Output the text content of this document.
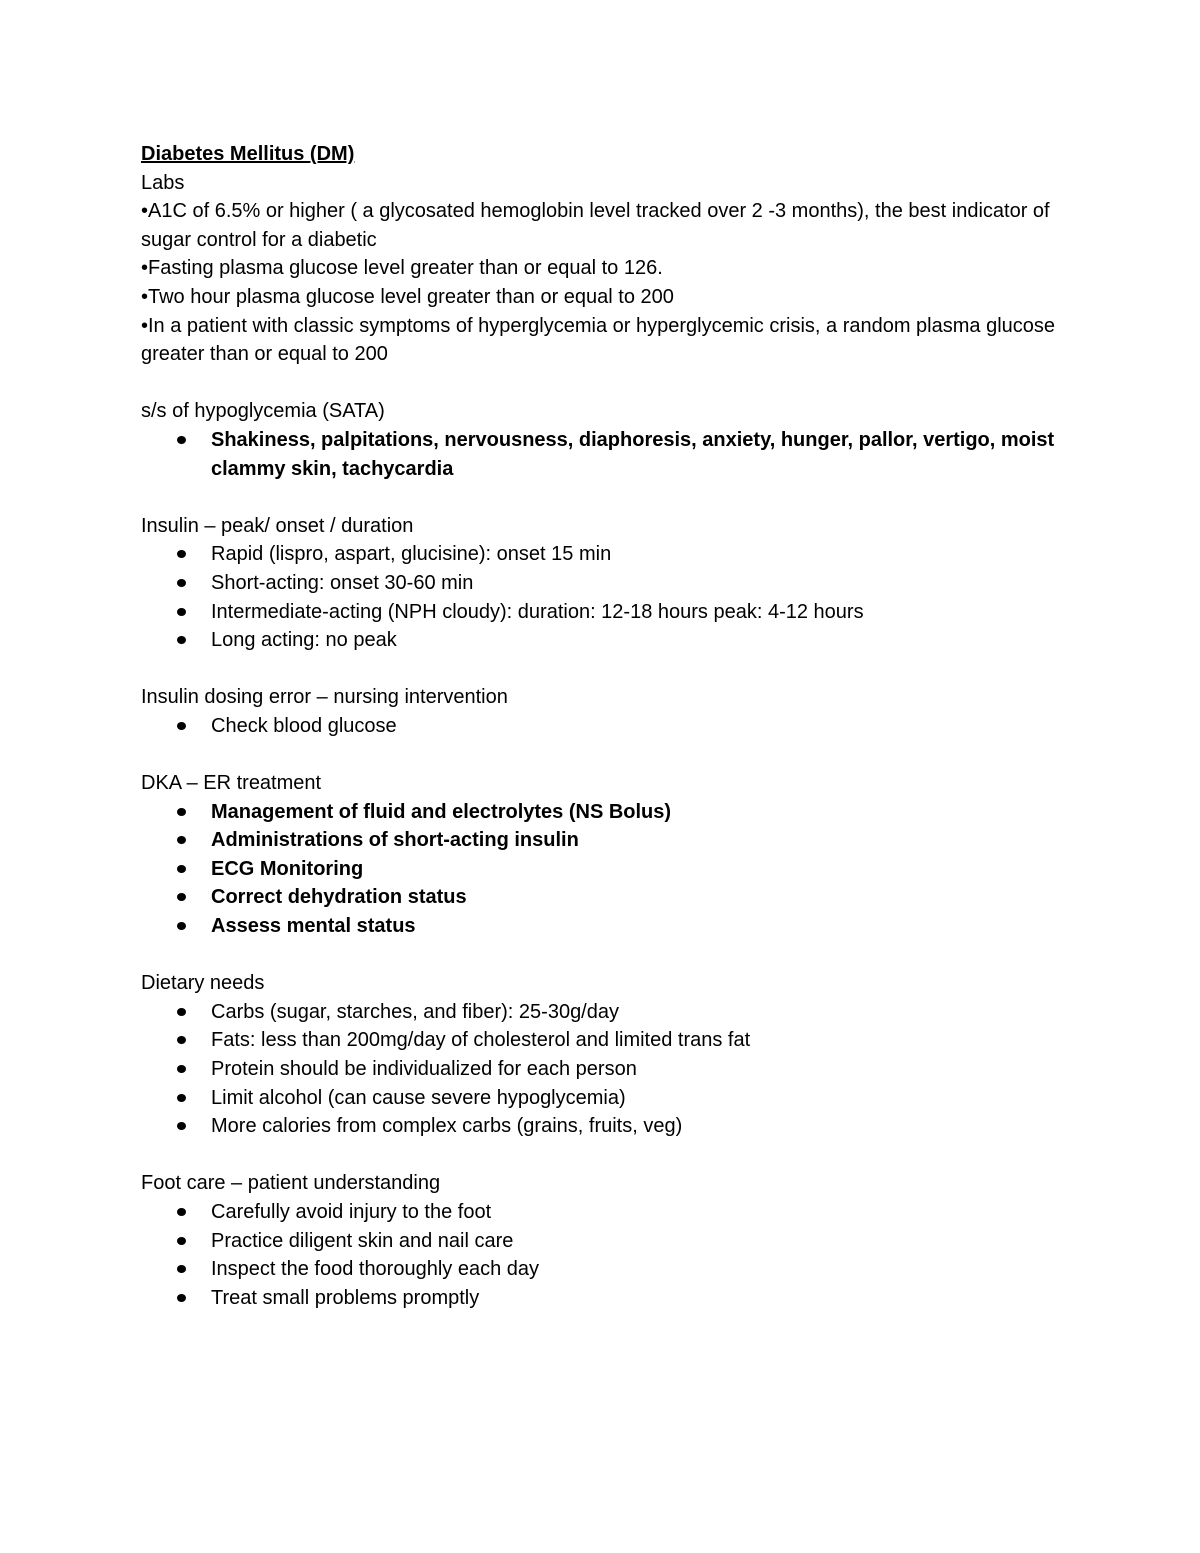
Diabetes Mellitus (DM)

Labs

•A1C of 6.5% or higher ( a glycosated hemoglobin level tracked over 2 -3 months), the best indicator of sugar control for a diabetic

•Fasting plasma glucose level greater than or equal to 126.

•Two hour plasma glucose level greater than or equal to 200

•In a patient with classic symptoms of hyperglycemia or hyperglycemic crisis, a random plasma glucose greater than or equal to 200

s/s of hypoglycemia (SATA)

Shakiness, palpitations, nervousness, diaphoresis, anxiety, hunger, pallor, vertigo, moist clammy skin, tachycardia

Insulin – peak/ onset / duration

Rapid (lispro, aspart, glucisine): onset 15 min
Short-acting: onset 30-60 min
Intermediate-acting (NPH cloudy): duration: 12-18 hours peak: 4-12 hours
Long acting: no peak

Insulin dosing error – nursing intervention

Check blood glucose

DKA – ER treatment

Management of fluid and electrolytes (NS Bolus)
Administrations of short-acting insulin
ECG Monitoring
Correct dehydration status
Assess mental status

Dietary needs

Carbs (sugar, starches, and fiber): 25-30g/day
Fats: less than 200mg/day of cholesterol and limited trans fat
Protein should be individualized for each person
Limit alcohol (can cause severe hypoglycemia)
More calories from complex carbs (grains, fruits, veg)

Foot care – patient understanding

Carefully avoid injury to the foot
Practice diligent skin and nail care
Inspect the food thoroughly each day
Treat small problems promptly
